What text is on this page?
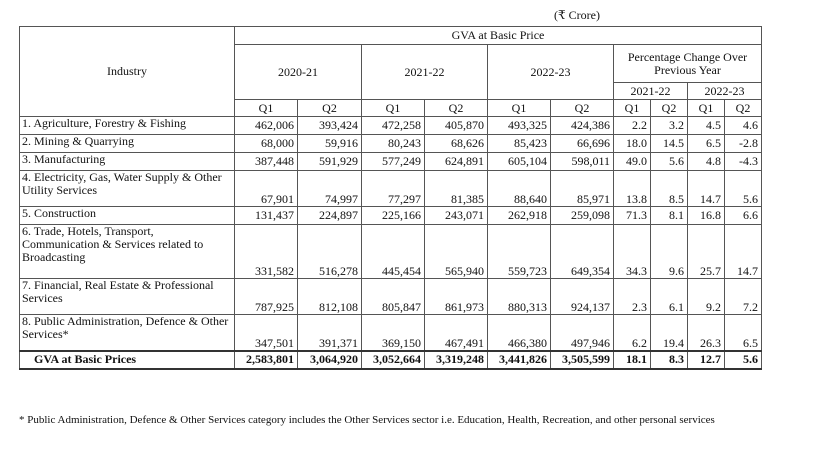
(₹ Crore)
Industry	GVA at Basic Price									
	2020-21		2021-22		2022-23		Percentage Change Over Previous Year			
							2021-22		2022-23	
	Q1	Q2	Q1	Q2	Q1	Q2	Q1	Q2	Q1	Q2
1. Agriculture, Forestry & Fishing	462,006	393,424	472,258	405,870	493,325	424,386	2.2	3.2	4.5	4.6
2. Mining & Quarrying	68,000	59,916	80,243	68,626	85,423	66,696	18.0	14.5	6.5	-2.8
3. Manufacturing	387,448	591,929	577,249	624,891	605,104	598,011	49.0	5.6	4.8	-4.3
4. Electricity, Gas, Water Supply & Other Utility Services	67,901	74,997	77,297	81,385	88,640	85,971	13.8	8.5	14.7	5.6
5. Construction	131,437	224,897	225,166	243,071	262,918	259,098	71.3	8.1	16.8	6.6
6. Trade, Hotels, Transport, Communication & Services related to Broadcasting	331,582	516,278	445,454	565,940	559,723	649,354	34.3	9.6	25.7	14.7
7. Financial, Real Estate & Professional Services	787,925	812,108	805,847	861,973	880,313	924,137	2.3	6.1	9.2	7.2
8. Public Administration, Defence & Other Services*	347,501	391,371	369,150	467,491	466,380	497,946	6.2	19.4	26.3	6.5
GVA at Basic Prices	2,583,801	3,064,920	3,052,664	3,319,248	3,441,826	3,505,599	18.1	8.3	12.7	5.6
* Public Administration, Defence & Other Services category includes the Other Services sector i.e. Education, Health, Recreation, and other personal services
